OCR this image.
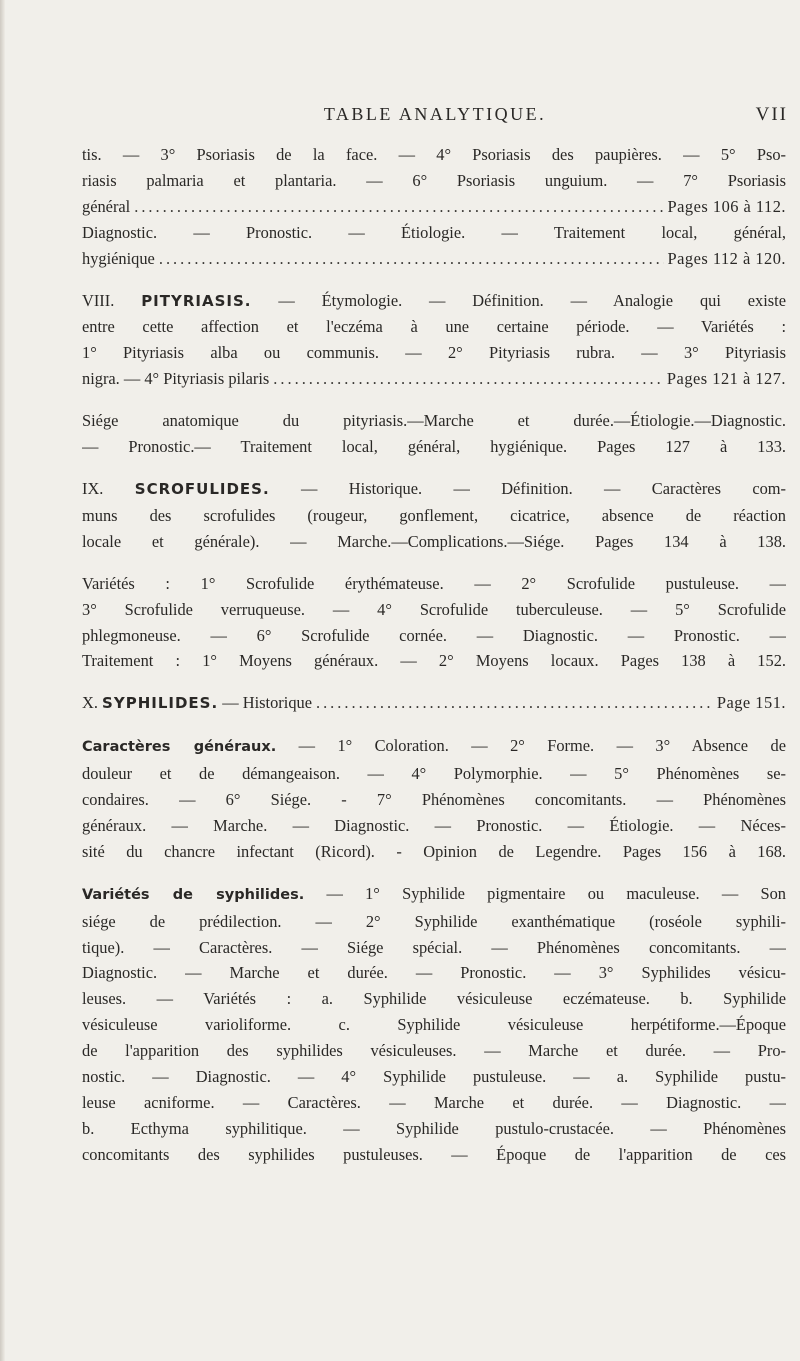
TABLE ANALYTIQUE.	VII
tis. — 3° Psoriasis de la face. — 4° Psoriasis des paupières. — 5° Pso-
riasis palmaria et plantaria. — 6° Psoriasis unguium. — 7° Psoriasis
général .....	Pages 106 à 112.
Diagnostic. — Pronostic. — Étiologie. — Traitement local, général,
hygiénique .....	Pages 112 à 120.
VIII. PITYRIASIS. — Étymologie. — Définition. — Analogie qui existe
entre cette affection et l'eczéma à une certaine période. — Variétés :
1° Pityriasis alba ou communis. — 2° Pityriasis rubra. — 3° Pityriasis
nigra. — 4° Pityriasis pilaris .....	Pages 121 à 127.
Siége anatomique du pityriasis.—Marche et durée.—Étiologie.—Diagnostic.
— Pronostic.— Traitement local, général, hygiénique. Pages 127 à 133.
IX. SCROFULIDES. — Historique. — Définition. — Caractères com-
muns des scrofulides (rougeur, gonflement, cicatrice, absence de réaction
locale et générale). — Marche.—Complications.—Siége. Pages 134 à 138.
Variétés : 1° Scrofulide érythémateuse. — 2° Scrofulide pustuleuse. —
3° Scrofulide verruqueuse. — 4° Scrofulide tuberculeuse. — 5° Scrofulide
phlegmoneuse. — 6° Scrofulide cornée. — Diagnostic. — Pronostic. —
Traitement : 1° Moyens généraux. — 2° Moyens locaux. Pages 138 à 152.
X. SYPHILIDES. — Historique .....	Page 151.
Caractères généraux. — 1° Coloration. — 2° Forme. — 3° Absence de
douleur et de démangeaison. — 4° Polymorphie. — 5° Phénomènes se-
condaires. — 6° Siége. - 7° Phénomènes concomitants. — Phénomènes
généraux. — Marche. — Diagnostic. — Pronostic. — Étiologie. — Néces-
sité du chancre infectant (Ricord). - Opinion de Legendre. Pages 156 à 168.
Variétés de syphilides. — 1° Syphilide pigmentaire ou maculeuse. — Son
siége de prédilection. — 2° Syphilide exanthématique (roséole syphili-
tique). — Caractères. — Siége spécial. — Phénomènes concomitants. —
Diagnostic. — Marche et durée. — Pronostic. — 3° Syphilides vésicu-
leuses. — Variétés : a. Syphilide vésiculeuse eczémateuse. b. Syphilide
vésiculeuse varioliforme. c. Syphilide vésiculeuse herpétiforme.—Époque
de l'apparition des syphilides vésiculeuses. — Marche et durée. — Pro-
nostic. — Diagnostic. — 4° Syphilide pustuleuse. — a. Syphilide pustu-
leuse acniforme. — Caractères. — Marche et durée. — Diagnostic. —
b. Ecthyma syphilitique. — Syphilide pustulo-crustacée. — Phénomènes
concomitants des syphilides pustuleuses. — Époque de l'apparition de ces
